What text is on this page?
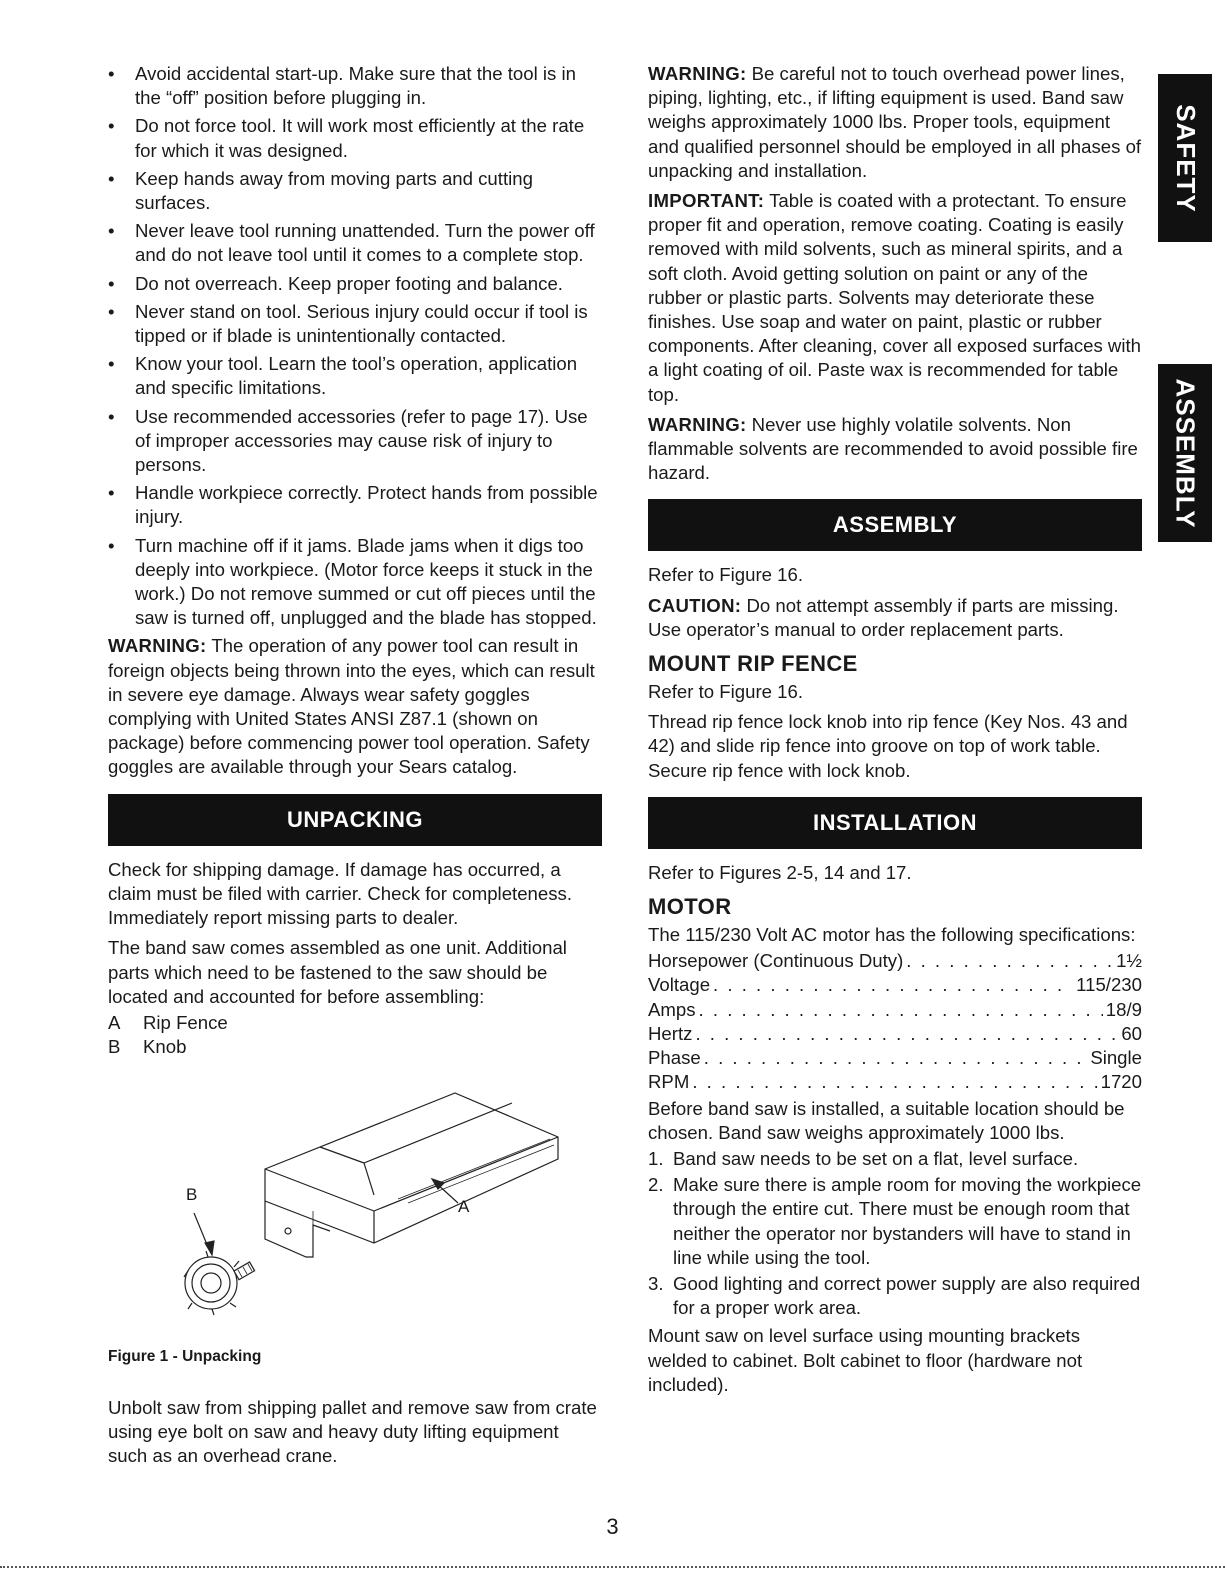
• Avoid accidental start-up. Make sure that the tool is in the “off” position before plugging in.
• Do not force tool. It will work most efficiently at the rate for which it was designed.
• Keep hands away from moving parts and cutting surfaces.
• Never leave tool running unattended. Turn the power off and do not leave tool until it comes to a complete stop.
• Do not overreach. Keep proper footing and balance.
• Never stand on tool. Serious injury could occur if tool is tipped or if blade is unintentionally contacted.
• Know your tool. Learn the tool’s operation, application and specific limitations.
• Use recommended accessories (refer to page 17). Use of improper accessories may cause risk of injury to persons.
• Handle workpiece correctly. Protect hands from possible injury.
• Turn machine off if it jams. Blade jams when it digs too deeply into workpiece. (Motor force keeps it stuck in the work.) Do not remove summed or cut off pieces until the saw is turned off, unplugged and the blade has stopped.

WARNING: The operation of any power tool can result in foreign objects being thrown into the eyes, which can result in severe eye damage. Always wear safety goggles complying with United States ANSI Z87.1 (shown on package) before commencing power tool operation. Safety goggles are available through your Sears catalog.

UNPACKING

Check for shipping damage. If damage has occurred, a claim must be filed with carrier. Check for completeness. Immediately report missing parts to dealer.

The band saw comes assembled as one unit. Additional parts which need to be fastened to the saw should be located and accounted for before assembling:

A	Rip Fence
B	Knob
A
B
Figure 1 - Unpacking

Unbolt saw from shipping pallet and remove saw from crate using eye bolt on saw and heavy duty lifting equipment such as an overhead crane.

WARNING: Be careful not to touch overhead power lines, piping, lighting, etc., if lifting equipment is used. Band saw weighs approximately 1000 lbs. Proper tools, equipment and qualified personnel should be employed in all phases of unpacking and installation.

IMPORTANT: Table is coated with a protectant. To ensure proper fit and operation, remove coating. Coating is easily removed with mild solvents, such as mineral spirits, and a soft cloth. Avoid getting solution on paint or any of the rubber or plastic parts. Solvents may deteriorate these finishes. Use soap and water on paint, plastic or rubber components. After cleaning, cover all exposed surfaces with a light coating of oil. Paste wax is recommended for table top.

WARNING: Never use highly volatile solvents. Non flammable solvents are recommended to avoid possible fire hazard.

ASSEMBLY

Refer to Figure 16.

CAUTION: Do not attempt assembly if parts are missing. Use operator’s manual to order replacement parts.

MOUNT RIP FENCE

Refer to Figure 16.

Thread rip fence lock knob into rip fence (Key Nos. 43 and 42) and slide rip fence into groove on top of work table. Secure rip fence with lock knob.

INSTALLATION

Refer to Figures 2-5, 14 and 17.

MOTOR

The 115/230 Volt AC motor has the following specifications:

Horsepower (Continuous Duty) . . .	1½
Voltage . . .	115/230
Amps . . .	18/9
Hertz . . .	60
Phase . . .	Single
RPM . . .	1720

Before band saw is installed, a suitable location should be chosen. Band saw weighs approximately 1000 lbs.

1. Band saw needs to be set on a flat, level surface.
2. Make sure there is ample room for moving the workpiece through the entire cut. There must be enough room that neither the operator nor bystanders will have to stand in line while using the tool.
3. Good lighting and correct power supply are also required for a proper work area.

Mount saw on level surface using mounting brackets welded to cabinet. Bolt cabinet to floor (hardware not included).

SAFETY
ASSEMBLY
3
